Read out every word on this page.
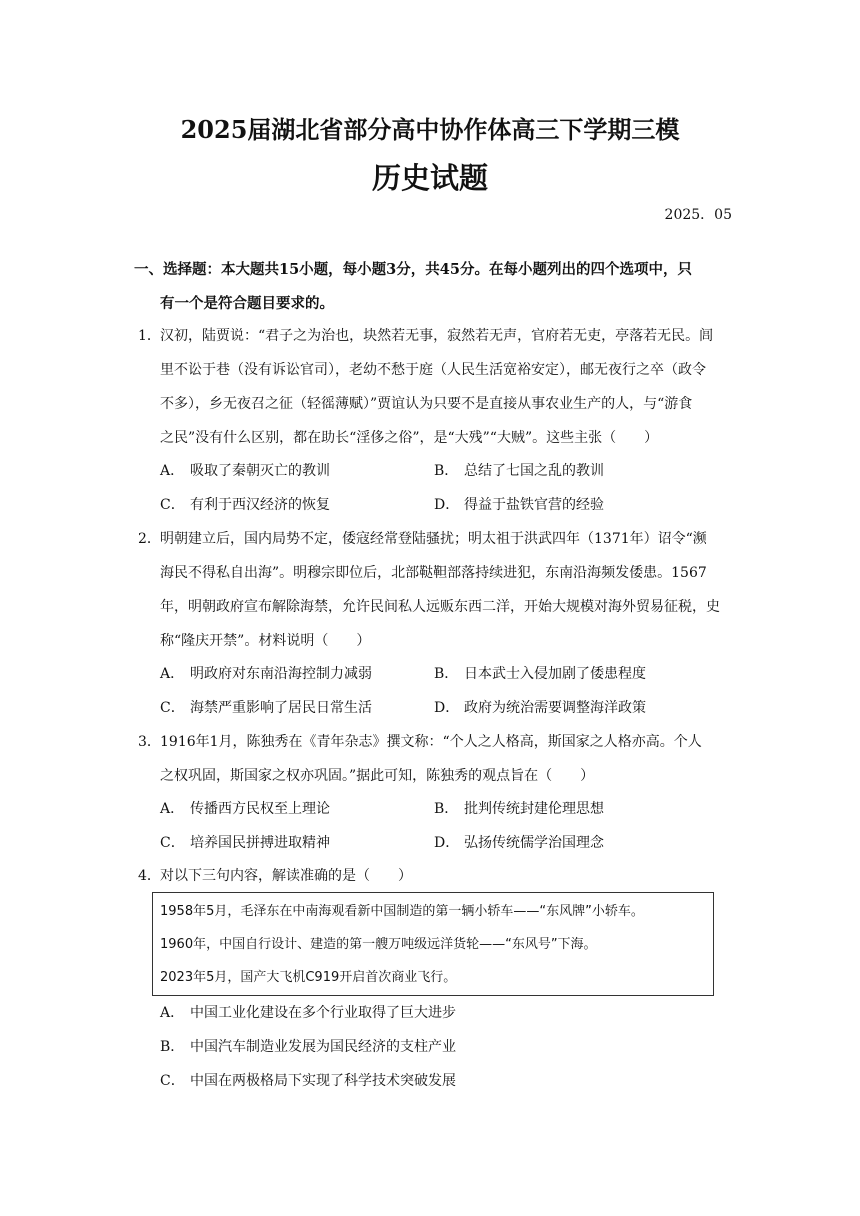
2025届湖北省部分高中协作体高三下学期三模
历史试题
2025．05
一、选择题：本大题共15小题，每小题3分，共45分。在每小题列出的四个选项中，只
有一个是符合题目要求的。
1． 汉初，陆贾说：“君子之为治也，块然若无事，寂然若无声，官府若无吏，亭落若无民。闾
里不讼于巷（没有诉讼官司），老幼不愁于庭（人民生活宽裕安定），邮无夜行之卒（政令
不多），乡无夜召之征（轻徭薄赋）”贾谊认为只要不是直接从事农业生产的人，与“游食
之民”没有什么区别，都在助长“淫侈之俗”，是“大残”“大贼”。这些主张（　　）
A． 吸取了秦朝灭亡的教训	B． 总结了七国之乱的教训
C． 有利于西汉经济的恢复	D． 得益于盐铁官营的经验
2． 明朝建立后，国内局势不定，倭寇经常登陆骚扰；明太祖于洪武四年（1371年）诏令“濒
海民不得私自出海”。明穆宗即位后，北部鞑靼部落持续进犯，东南沿海频发倭患。1567
年，明朝政府宣布解除海禁，允许民间私人远贩东西二洋，开始大规模对海外贸易征税，史
称“隆庆开禁”。材料说明（　　）
A． 明政府对东南沿海控制力减弱	B． 日本武士入侵加剧了倭患程度
C． 海禁严重影响了居民日常生活	D． 政府为统治需要调整海洋政策
3． 1916年1月，陈独秀在《青年杂志》撰文称：“个人之人格高，斯国家之人格亦高。个人
之权巩固，斯国家之权亦巩固。”据此可知，陈独秀的观点旨在（　　）
A． 传播西方民权至上理论	B． 批判传统封建伦理思想
C． 培养国民拼搏进取精神	D． 弘扬传统儒学治国理念
4． 对以下三句内容，解读准确的是（　　）
1958年5月，毛泽东在中南海观看新中国制造的第一辆小轿车——“东风牌”小轿车。
1960年，中国自行设计、建造的第一艘万吨级远洋货轮——“东风号”下海。
2023年5月，国产大飞机C919开启首次商业飞行。
A． 中国工业化建设在多个行业取得了巨大进步
B． 中国汽车制造业发展为国民经济的支柱产业
C． 中国在两极格局下实现了科学技术突破发展
